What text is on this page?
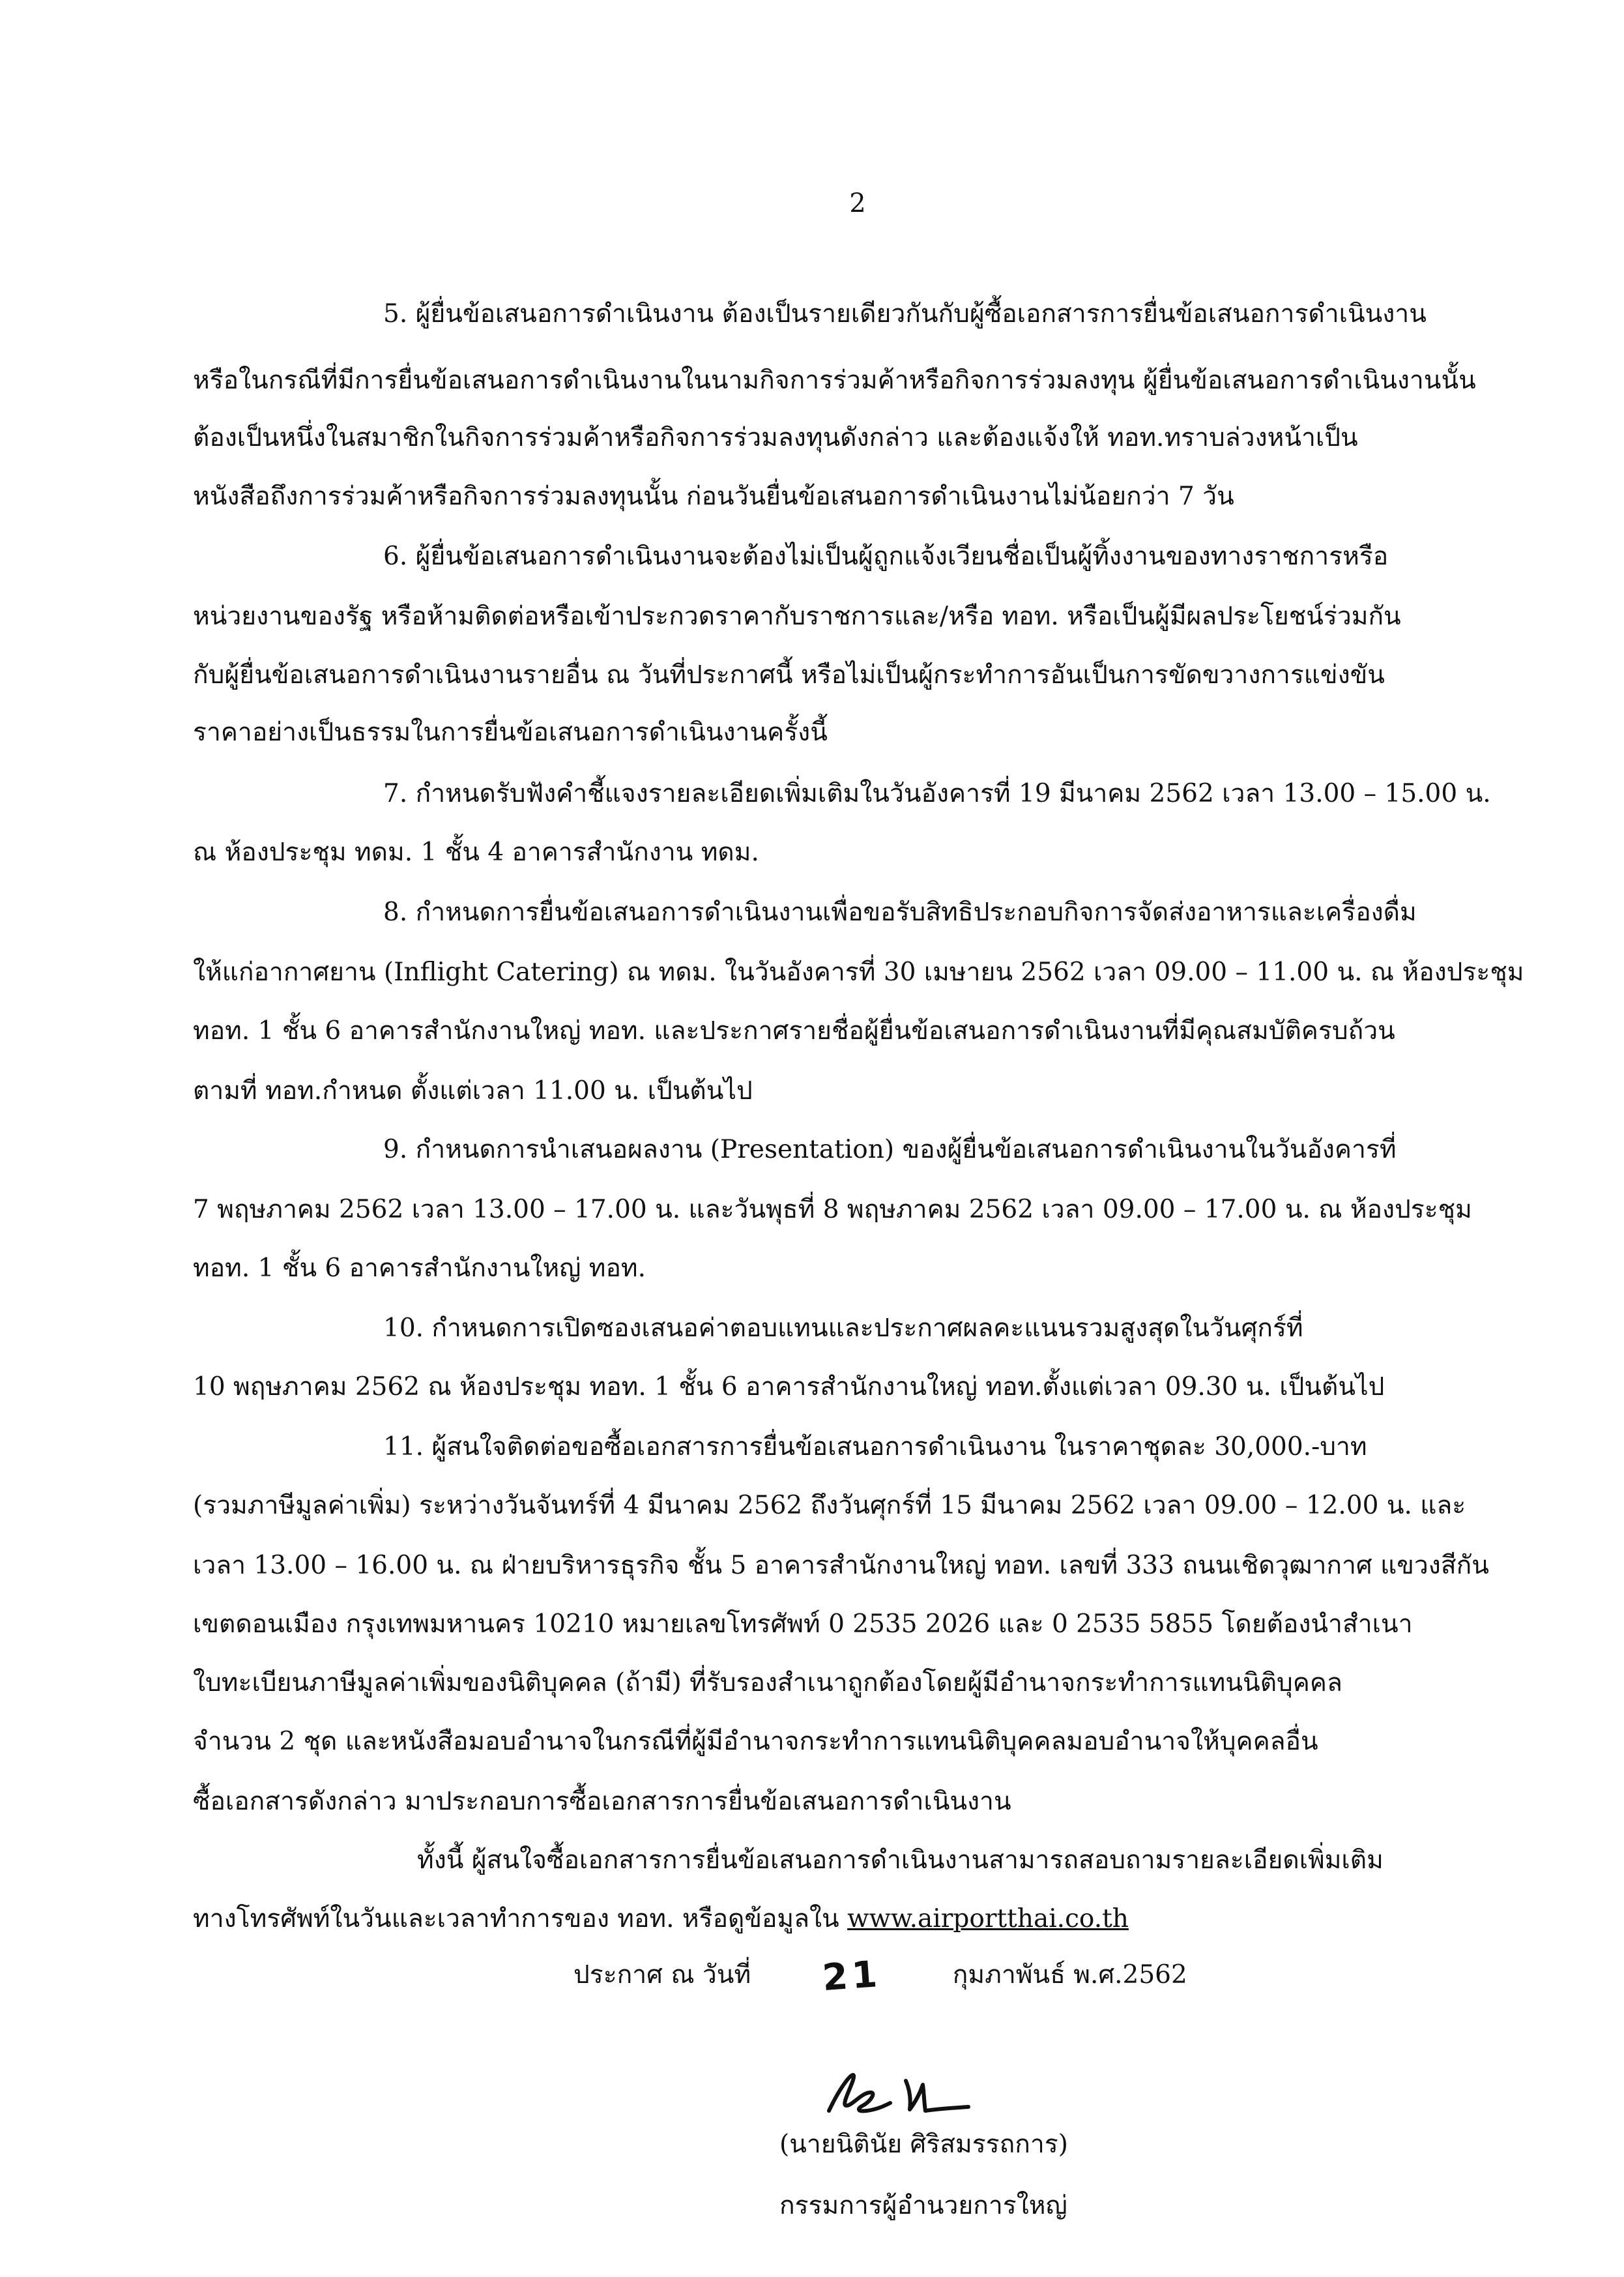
2
5. ผู้ยื่นข้อเสนอการดำเนินงาน ต้องเป็นรายเดียวกันกับผู้ซื้อเอกสารการยื่นข้อเสนอการดำเนินงาน
หรือในกรณีที่มีการยื่นข้อเสนอการดำเนินงานในนามกิจการร่วมค้าหรือกิจการร่วมลงทุน ผู้ยื่นข้อเสนอการดำเนินงานนั้น
ต้องเป็นหนึ่งในสมาชิกในกิจการร่วมค้าหรือกิจการร่วมลงทุนดังกล่าว และต้องแจ้งให้ ทอท.ทราบล่วงหน้าเป็น
หนังสือถึงการร่วมค้าหรือกิจการร่วมลงทุนนั้น ก่อนวันยื่นข้อเสนอการดำเนินงานไม่น้อยกว่า 7 วัน
6. ผู้ยื่นข้อเสนอการดำเนินงานจะต้องไม่เป็นผู้ถูกแจ้งเวียนชื่อเป็นผู้ทิ้งงานของทางราชการหรือ
หน่วยงานของรัฐ หรือห้ามติดต่อหรือเข้าประกวดราคากับราชการและ/หรือ ทอท. หรือเป็นผู้มีผลประโยชน์ร่วมกัน
กับผู้ยื่นข้อเสนอการดำเนินงานรายอื่น ณ วันที่ประกาศนี้ หรือไม่เป็นผู้กระทำการอันเป็นการขัดขวางการแข่งขัน
ราคาอย่างเป็นธรรมในการยื่นข้อเสนอการดำเนินงานครั้งนี้
7. กำหนดรับฟังคำชี้แจงรายละเอียดเพิ่มเติมในวันอังคารที่ 19 มีนาคม 2562 เวลา 13.00 – 15.00 น.
ณ ห้องประชุม ทดม. 1 ชั้น 4 อาคารสำนักงาน ทดม.
8. กำหนดการยื่นข้อเสนอการดำเนินงานเพื่อขอรับสิทธิประกอบกิจการจัดส่งอาหารและเครื่องดื่ม
ให้แก่อากาศยาน (Inflight Catering) ณ ทดม. ในวันอังคารที่ 30 เมษายน 2562 เวลา 09.00 – 11.00 น. ณ ห้องประชุม
ทอท. 1 ชั้น 6 อาคารสำนักงานใหญ่ ทอท. และประกาศรายชื่อผู้ยื่นข้อเสนอการดำเนินงานที่มีคุณสมบัติครบถ้วน
ตามที่ ทอท.กำหนด ตั้งแต่เวลา 11.00 น. เป็นต้นไป
9. กำหนดการนำเสนอผลงาน (Presentation) ของผู้ยื่นข้อเสนอการดำเนินงานในวันอังคารที่
7 พฤษภาคม 2562 เวลา 13.00 – 17.00 น. และวันพุธที่ 8 พฤษภาคม 2562 เวลา 09.00 – 17.00 น. ณ ห้องประชุม
ทอท. 1 ชั้น 6 อาคารสำนักงานใหญ่ ทอท.
10. กำหนดการเปิดซองเสนอค่าตอบแทนและประกาศผลคะแนนรวมสูงสุดในวันศุกร์ที่
10 พฤษภาคม 2562 ณ ห้องประชุม ทอท. 1 ชั้น 6 อาคารสำนักงานใหญ่ ทอท.ตั้งแต่เวลา 09.30 น. เป็นต้นไป
11. ผู้สนใจติดต่อขอซื้อเอกสารการยื่นข้อเสนอการดำเนินงาน ในราคาชุดละ 30,000.-บาท
(รวมภาษีมูลค่าเพิ่ม) ระหว่างวันจันทร์ที่ 4 มีนาคม 2562 ถึงวันศุกร์ที่ 15 มีนาคม 2562 เวลา 09.00 – 12.00 น. และ
เวลา 13.00 – 16.00 น. ณ ฝ่ายบริหารธุรกิจ ชั้น 5 อาคารสำนักงานใหญ่ ทอท. เลขที่ 333 ถนนเชิดวุฒากาศ แขวงสีกัน
เขตดอนเมือง กรุงเทพมหานคร 10210 หมายเลขโทรศัพท์ 0 2535 2026 และ 0 2535 5855 โดยต้องนำสำเนา
ใบทะเบียนภาษีมูลค่าเพิ่มของนิติบุคคล (ถ้ามี) ที่รับรองสำเนาถูกต้องโดยผู้มีอำนาจกระทำการแทนนิติบุคคล
จำนวน 2 ชุด และหนังสือมอบอำนาจในกรณีที่ผู้มีอำนาจกระทำการแทนนิติบุคคลมอบอำนาจให้บุคคลอื่น
ซื้อเอกสารดังกล่าว มาประกอบการซื้อเอกสารการยื่นข้อเสนอการดำเนินงาน
ทั้งนี้ ผู้สนใจซื้อเอกสารการยื่นข้อเสนอการดำเนินงานสามารถสอบถามรายละเอียดเพิ่มเติม
ทางโทรศัพท์ในวันและเวลาทำการของ ทอท. หรือดูข้อมูลใน www.airportthai.co.th
ประกาศ ณ วันที่ 21	กุมภาพันธ์ พ.ศ.2562
(นายนิตินัย ศิริสมรรถการ)
กรรมการผู้อำนวยการใหญ่
